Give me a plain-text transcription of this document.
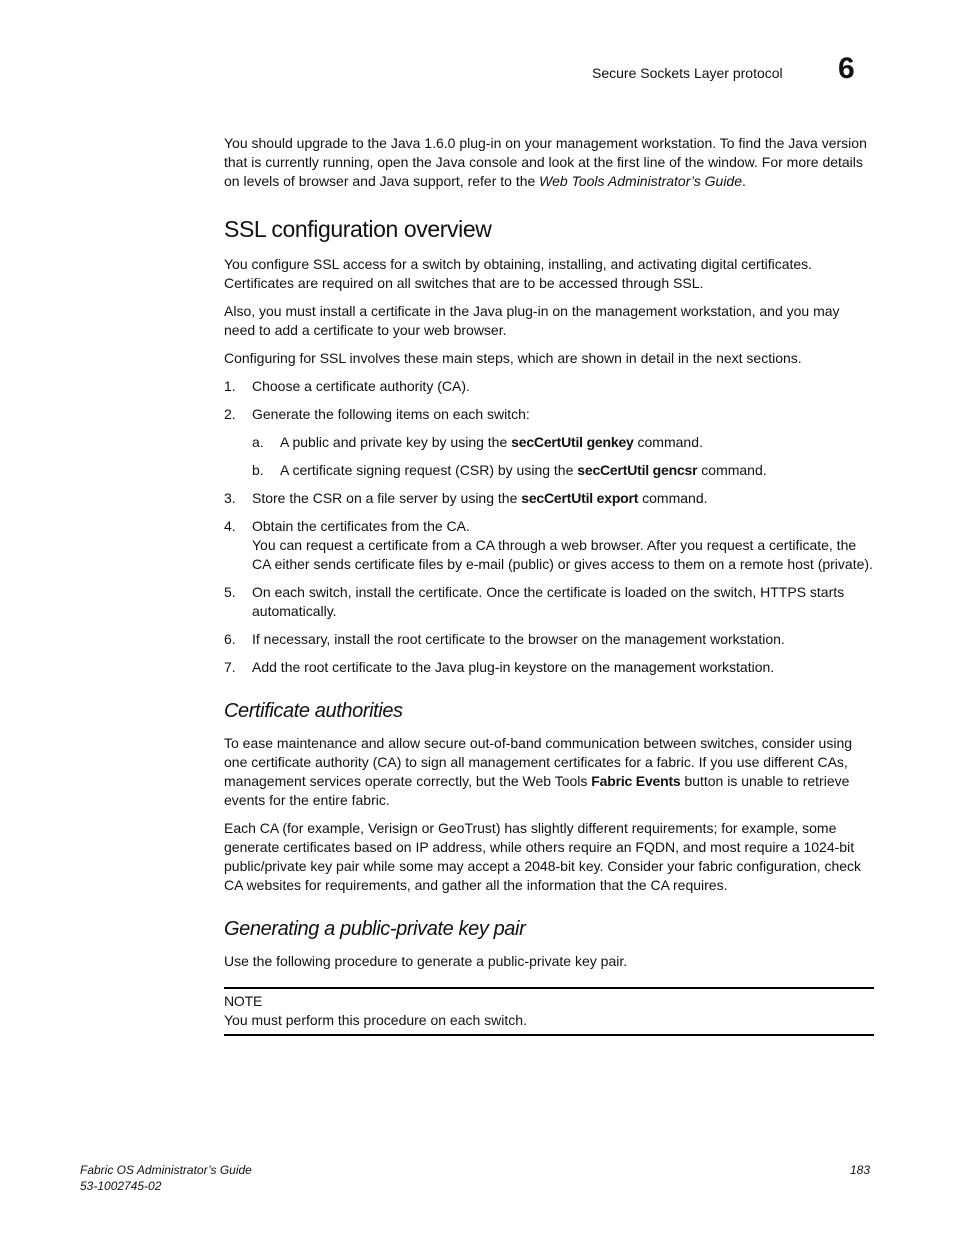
Secure Sockets Layer protocol 6

You should upgrade to the Java 1.6.0 plug-in on your management workstation. To find the Java version that is currently running, open the Java console and look at the first line of the window. For more details on levels of browser and Java support, refer to the Web Tools Administrator’s Guide.

SSL configuration overview

You configure SSL access for a switch by obtaining, installing, and activating digital certificates. Certificates are required on all switches that are to be accessed through SSL.

Also, you must install a certificate in the Java plug-in on the management workstation, and you may need to add a certificate to your web browser.

Configuring for SSL involves these main steps, which are shown in detail in the next sections.

1. Choose a certificate authority (CA).
2. Generate the following items on each switch:
a. A public and private key by using the secCertUtil genkey command.
b. A certificate signing request (CSR) by using the secCertUtil gencsr command.
3. Store the CSR on a file server by using the secCertUtil export command.
4. Obtain the certificates from the CA.

You can request a certificate from a CA through a web browser. After you request a certificate, the CA either sends certificate files by e-mail (public) or gives access to them on a remote host (private).

5. On each switch, install the certificate. Once the certificate is loaded on the switch, HTTPS starts automatically.
6. If necessary, install the root certificate to the browser on the management workstation.
7. Add the root certificate to the Java plug-in keystore on the management workstation.
Certificate authorities

To ease maintenance and allow secure out-of-band communication between switches, consider using one certificate authority (CA) to sign all management certificates for a fabric. If you use different CAs, management services operate correctly, but the Web Tools Fabric Events button is unable to retrieve events for the entire fabric.

Each CA (for example, Verisign or GeoTrust) has slightly different requirements; for example, some generate certificates based on IP address, while others require an FQDN, and most require a 1024-bit public/private key pair while some may accept a 2048-bit key. Consider your fabric configuration, check CA websites for requirements, and gather all the information that the CA requires.

Generating a public-private key pair

Use the following procedure to generate a public-private key pair.

NOTE
You must perform this procedure on each switch.
Fabric OS Administrator’s Guide
53-1002745-02
183
